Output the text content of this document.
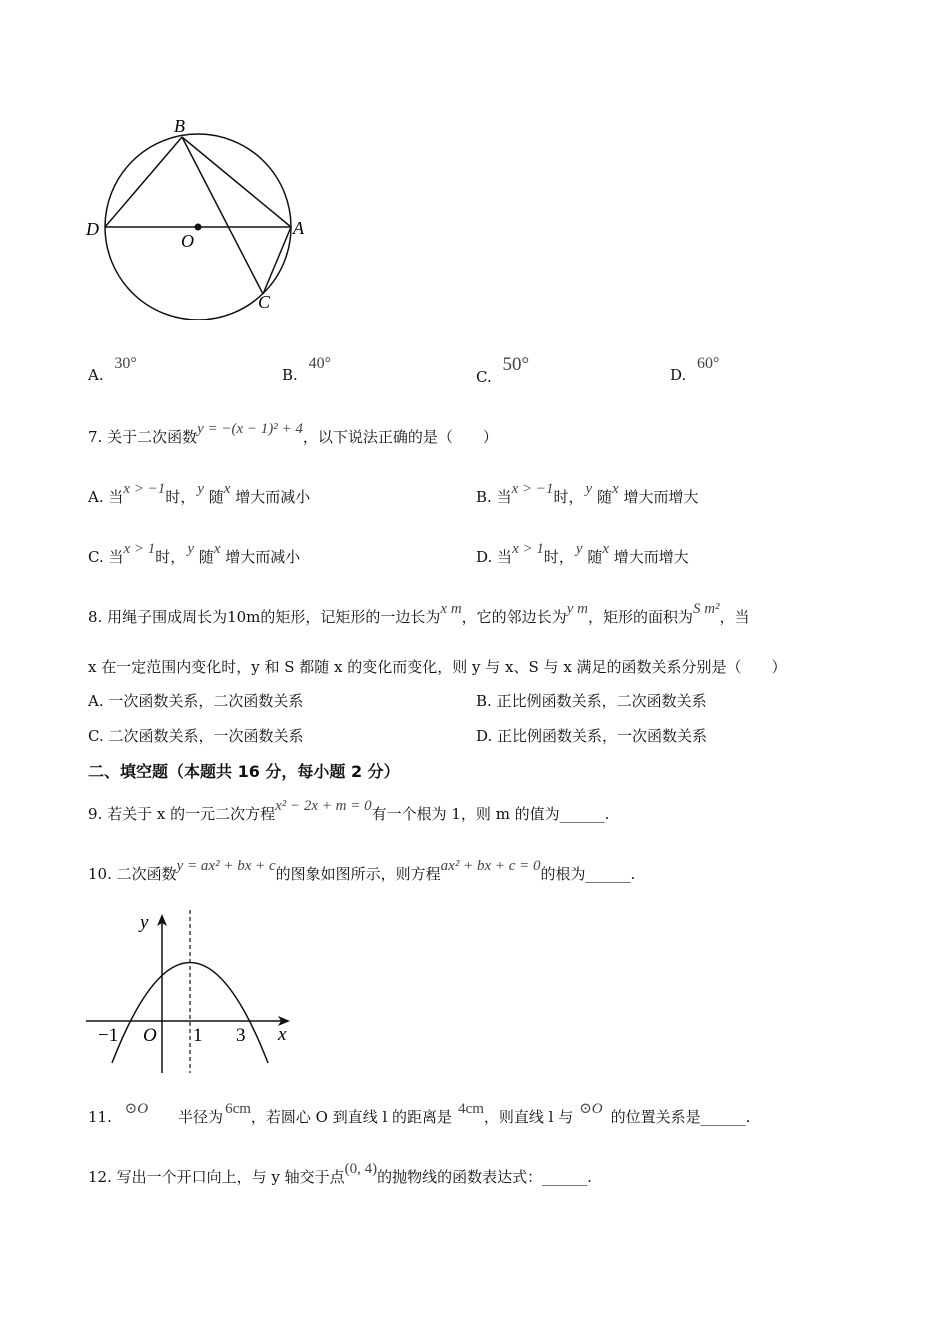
B
D
O
A
C
A. 30°
B. 40°
C. 50°	D. 60°
7. 关于二次函数y = −(x − 1)² + 4，以下说法正确的是（　　）
A. 当x > −1时， y 随x 增大而减小	B. 当x > −1时， y 随x 增大而增大
C. 当x > 1时， y 随x 增大而减小	D. 当x > 1时， y 随x 增大而增大
8. 用绳子围成周长为10m的矩形，记矩形的一边长为x m，它的邻边长为y m，矩形的面积为S m²，当
x 在一定范围内变化时，y 和 S 都随 x 的变化而变化，则 y 与 x、S 与 x 满足的函数关系分别是（　　）
A. 一次函数关系，二次函数关系	B. 正比例函数关系，二次函数关系
C. 二次函数关系，一次函数关系	D. 正比例函数关系，一次函数关系
二、填空题（本题共 16 分，每小题 2 分）
9. 若关于 x 的一元二次方程x² − 2x + m = 0有一个根为 1，则 m 的值为______.
10. 二次函数y = ax² + bx + c的图象如图所示，则方程ax² + bx + c = 0的根为______.
y
x
O
−1	1 3
11. ⊙O 半径为 6cm，若圆心 O 到直线 l 的距离是 4cm，则直线 l 与 ⊙O 的位置关系是______.
12. 写出一个开口向上，与 y 轴交于点(0, 4)的抛物线的函数表达式：______.
